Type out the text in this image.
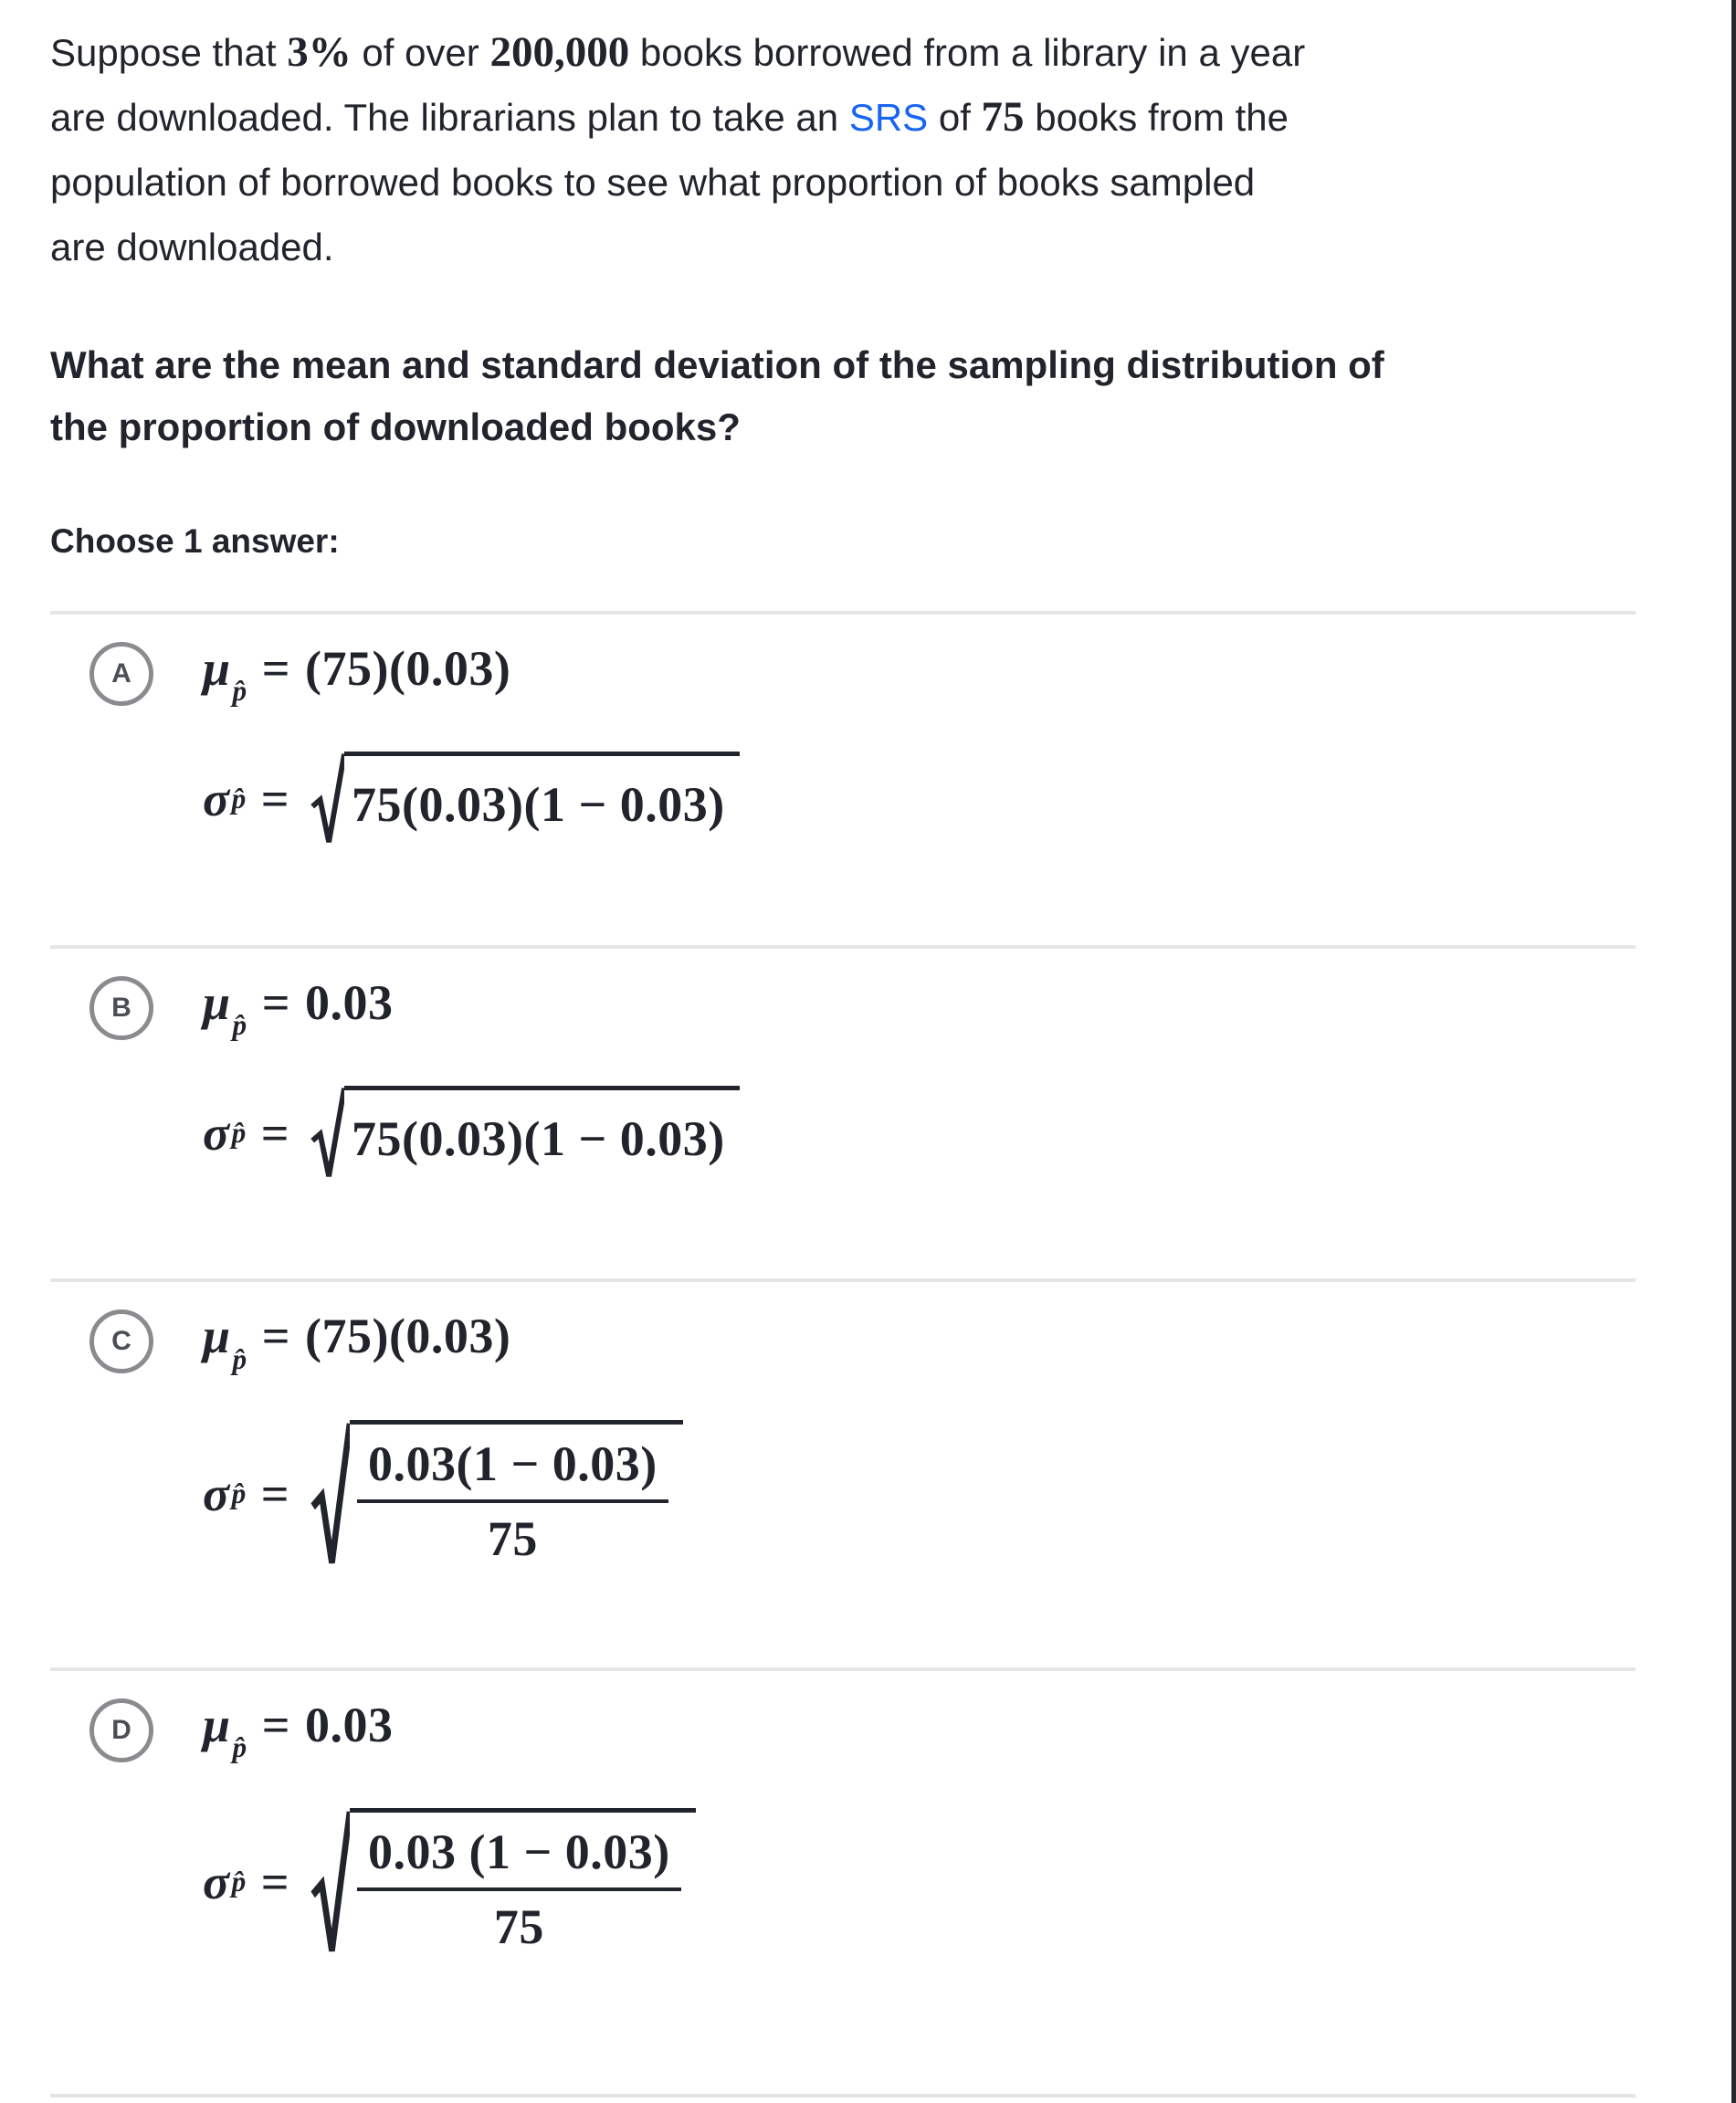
Suppose that 3% of over 200,000 books borrowed from a library in a year
are downloaded. The librarians plan to take an SRS of 75 books from the
population of borrowed books to see what proportion of books sampled
are downloaded.
What are the mean and standard deviation of the sampling distribution of
the proportion of downloaded books?
Choose 1 answer:
A	$\mu_{p̂} = (75)(0.03)$
σ p̂ = 75(0.03)(1 − 0.03)
B	$\mu_{p̂} = 0.03$
σ p̂ = 75(0.03)(1 − 0.03)
C	$\mu_{p̂} = (75)(0.03)$
σ p̂ = $\frac{0.03(1 - 0.03)}{75}$
D	$\mu_{p̂} = 0.03$
σ p̂ = $\frac{0.03 (1 - 0.03)}{75}$
